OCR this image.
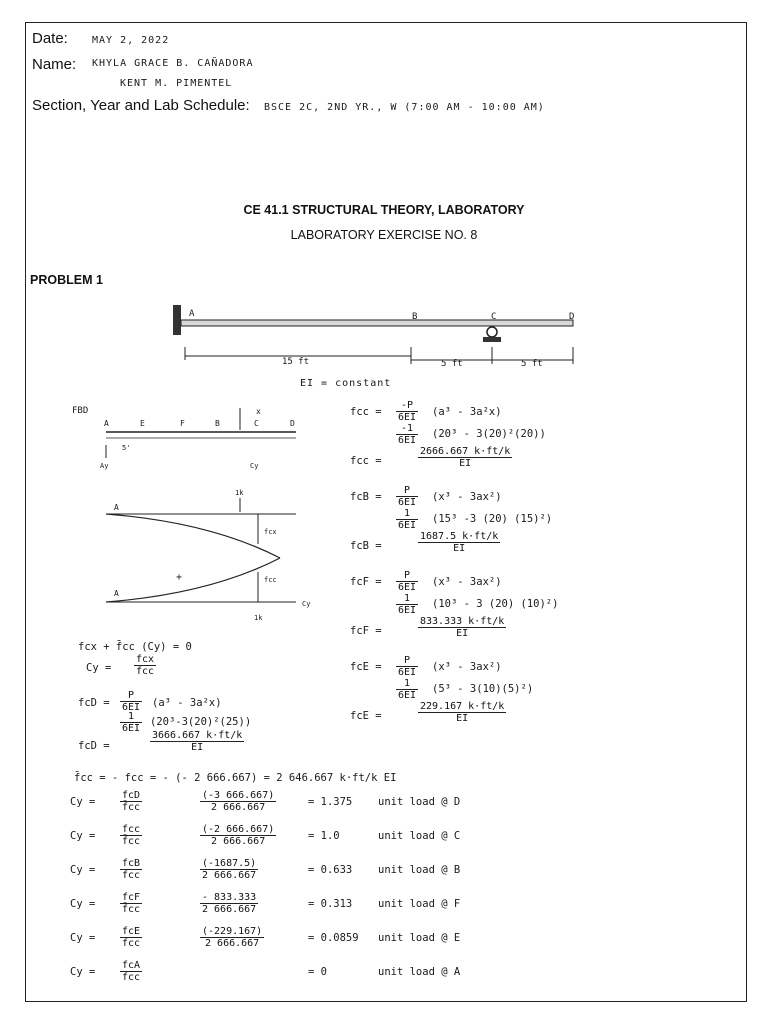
Date: MAY 2, 2022
Name: KHYLA GRACE B. CAÑADORA
KENT M. PIMENTEL
Section, Year and Lab Schedule: BSCE 2C, 2ND YR., W (7:00 AM - 10:00 AM)
CE 41.1 STRUCTURAL THEORY, LABORATORY
LABORATORY EXERCISE NO. 8
PROBLEM 1
A	B	C	D
15 ft	5 ft	5 ft
EI = constant
FBD
A	E	F	B	C	D
5'
Ay	Cy
x
1k
A
fcx
+
A
fcc
1k
Cy
fcx + f̄cc (Cy) = 0
Cy =
fcx
fcc
fcD = $\frac{P}{6EI} (a^3 - 3a^2x)$
$\frac{1}{6EI} (20^3-3(20)^2(25))$
fcD =	$\frac{3666.667 k\cdot ft/k}{EI}$
fcc = $\frac{-P}{6EI} (a^3 - 3a^2x)$
$\frac{-1}{6EI} (20^3 - 3(20)^2(20))$
fcc =	$\frac{2666.667 k\cdot ft/k}{EI}$
fcB = $\frac{P}{6EI} (x^3 - 3ax^2)$
$\frac{1}{6EI} (15^3$ -3 (20) (15)²)
fcB =	$\frac{1687.5 k\cdot ft/k}{EI}$
fcF = $\frac{P}{6EI} (x^3 - 3ax^2)$
$\frac{1}{6EI} (10^3 - 3$ (20) (10)²)
fcF =	$\frac{833.333 k\cdot ft/k}{EI}$
fcE = $\frac{P}{6EI} (x^3 - 3ax^2)$
$\frac{1}{6EI} (5^3 - 3(10)(5)^2)$
fcE =	$\frac{229.167 k\cdot ft/k}{EI}$
f̄cc = - fcc = - (- 2 666.667) = 2 646.667 k·ft/k EI
Cy =
fcD
f̄cc	$\frac{(-3 666.667)}{2 666.667}$	= 1.375 unit load @ D
Cy =
fcc
f̄cc	$\frac{(-2 666.667)}{2 666.667}$	= 1.0	unit load @ C
Cy =
fcB
fcc	$\frac{(-1687.5)}{2 666.667}$	= 0.633 unit load @ B
Cy =
fcF
f̄cc	$\frac{- 833.333}{2 666.667}$	= 0.313 unit load @ F
Cy =
fcE
fcc	$\frac{(-229.167)}{2 666.667}$	= 0.0859 unit load @ E
Cy =
fcA
fcc	= 0	unit load @ A
